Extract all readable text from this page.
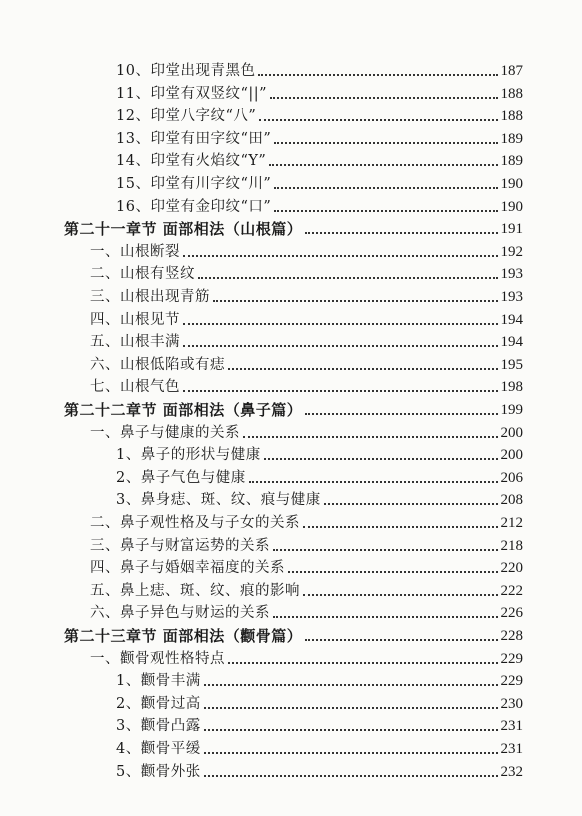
10、印堂出现青黑色	187
11、印堂有双竖纹“||”	188
12、印堂八字纹“八”	188
13、印堂有田字纹“田”	189
14、印堂有火焰纹“Y”	189
15、印堂有川字纹“川”	190
16、印堂有金印纹“口”	190
第二十一章节 面部相法（山根篇）	191
一、山根断裂	192
二、山根有竖纹	193
三、山根出现青筋	193
四、山根见节	194
五、山根丰满	194
六、山根低陷或有痣	195
七、山根气色	198
第二十二章节 面部相法（鼻子篇）	199
一、鼻子与健康的关系	200
1、鼻子的形状与健康	200
2、鼻子气色与健康	206
3、鼻身痣、斑、纹、痕与健康	208
二、鼻子观性格及与子女的关系	212
三、鼻子与财富运势的关系	218
四、鼻子与婚姻幸福度的关系	220
五、鼻上痣、斑、纹、痕的影响	222
六、鼻子异色与财运的关系	226
第二十三章节 面部相法（颧骨篇）	228
一、颧骨观性格特点	229
1、颧骨丰满	229
2、颧骨过高	230
3、颧骨凸露	231
4、颧骨平缓	231
5、颧骨外张	232
